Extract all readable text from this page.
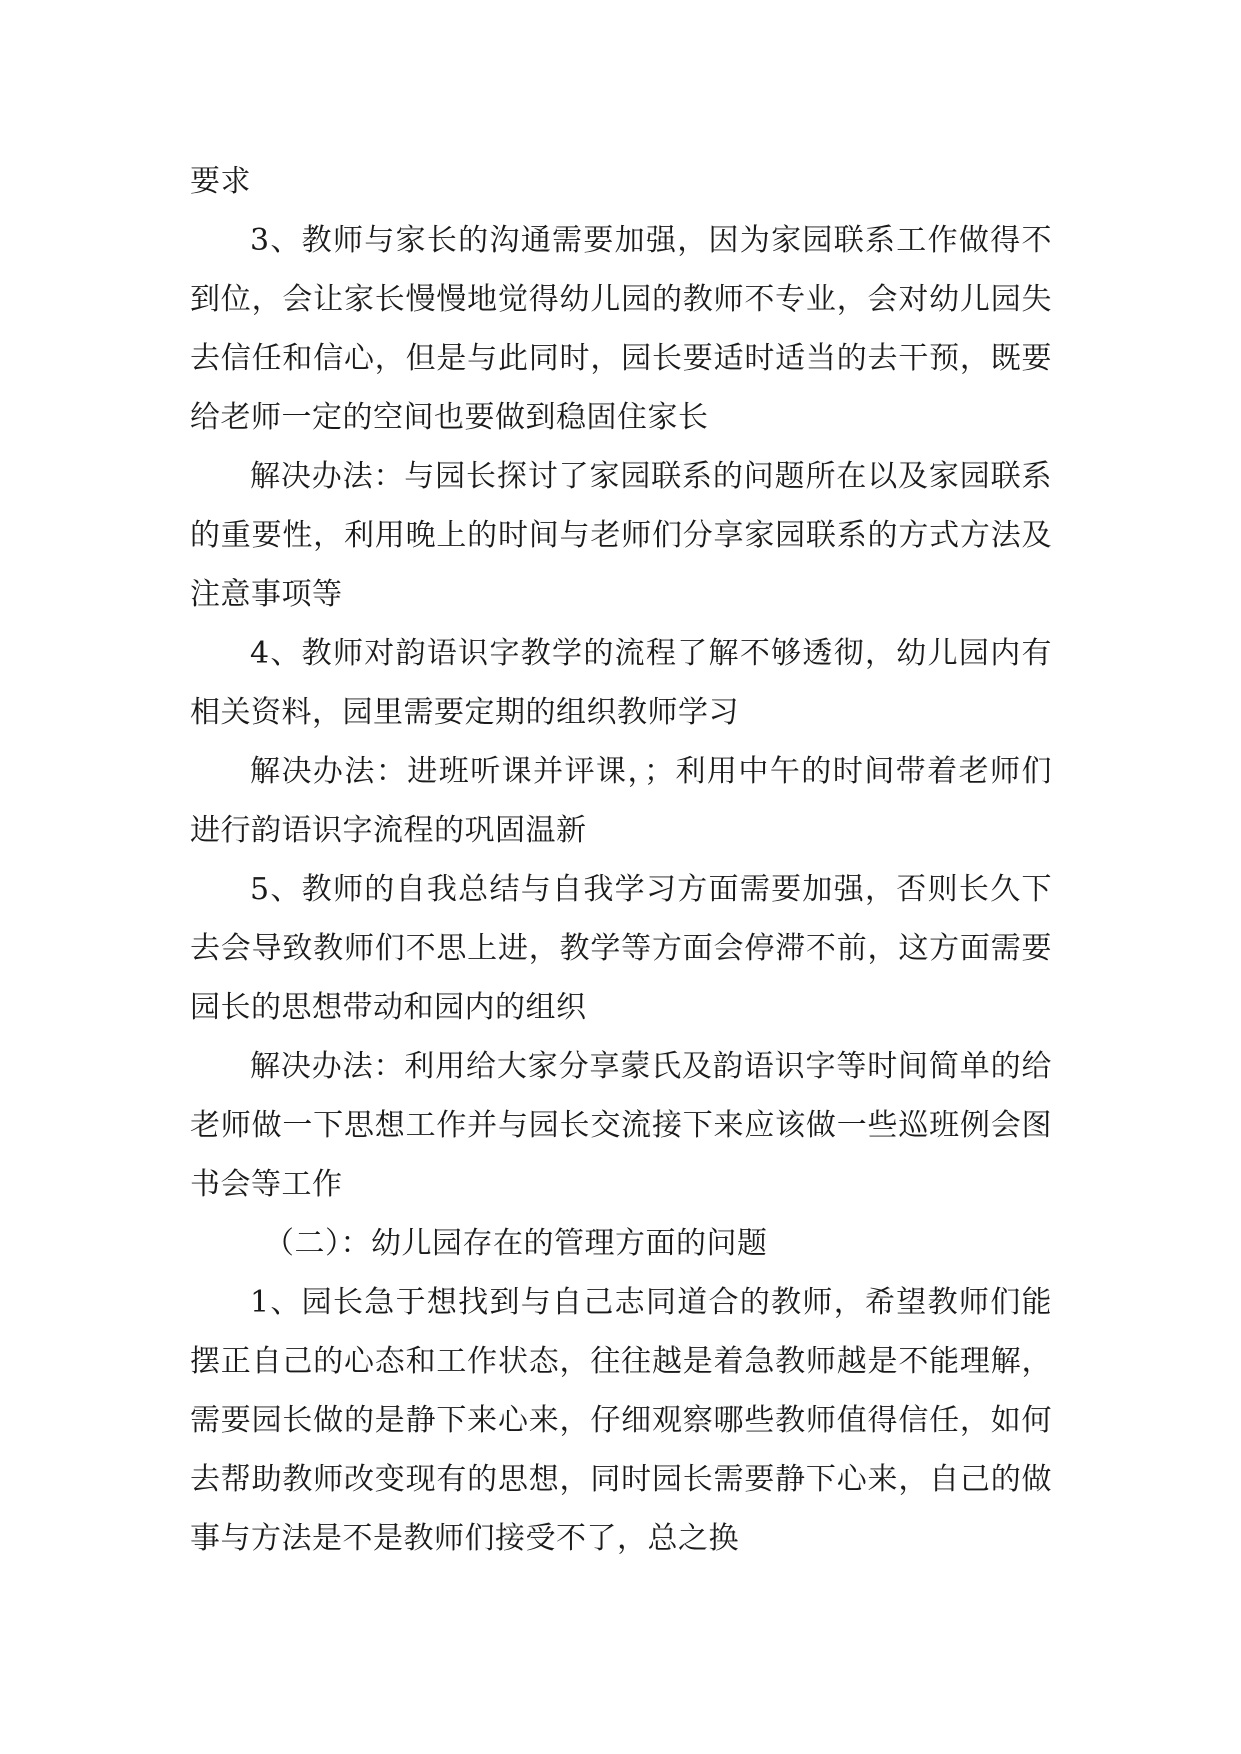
要求

3、教师与家长的沟通需要加强，因为家园联系工作做得不到位，会让家长慢慢地觉得幼儿园的教师不专业，会对幼儿园失去信任和信心，但是与此同时，园长要适时适当的去干预，既要给老师一定的空间也要做到稳固住家长

解决办法：与园长探讨了家园联系的问题所在以及家园联系的重要性，利用晚上的时间与老师们分享家园联系的方式方法及注意事项等

4、教师对韵语识字教学的流程了解不够透彻，幼儿园内有相关资料，园里需要定期的组织教师学习

解决办法：进班听课并评课，；利用中午的时间带着老师们进行韵语识字流程的巩固温新

5、教师的自我总结与自我学习方面需要加强，否则长久下去会导致教师们不思上进，教学等方面会停滞不前，这方面需要园长的思想带动和园内的组织

解决办法：利用给大家分享蒙氏及韵语识字等时间简单的给老师做一下思想工作并与园长交流接下来应该做一些巡班例会图书会等工作

（二）：幼儿园存在的管理方面的问题

1、园长急于想找到与自己志同道合的教师，希望教师们能摆正自己的心态和工作状态，往往越是着急教师越是不能理解，需要园长做的是静下来心来，仔细观察哪些教师值得信任，如何去帮助教师改变现有的思想，同时园长需要静下心来，自己的做事与方法是不是教师们接受不了，总之换
